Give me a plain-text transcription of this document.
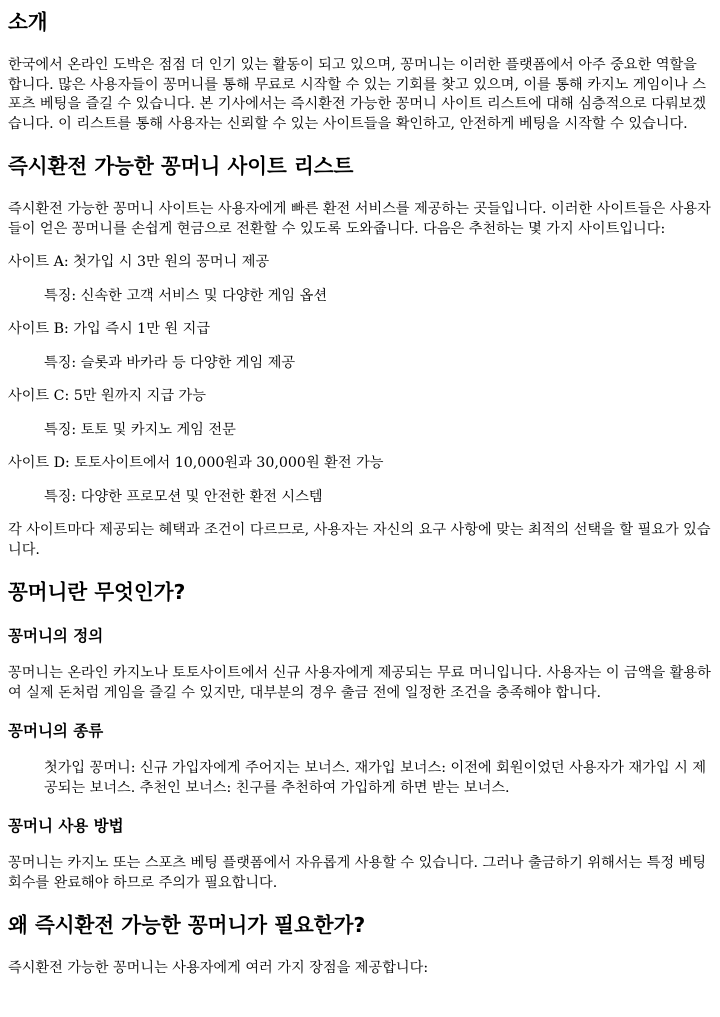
소개

한국에서 온라인 도박은 점점 더 인기 있는 활동이 되고 있으며, 꽁머니는 이러한 플랫폼에서 아주 중요한 역할을 합니다. 많은 사용자들이 꽁머니를 통해 무료로 시작할 수 있는 기회를 찾고 있으며, 이를 통해 카지노 게임이나 스포츠 베팅을 즐길 수 있습니다. 본 기사에서는 즉시환전 가능한 꽁머니 사이트 리스트에 대해 심층적으로 다뤄보겠습니다. 이 리스트를 통해 사용자는 신뢰할 수 있는 사이트들을 확인하고, 안전하게 베팅을 시작할 수 있습니다.

즉시환전 가능한 꽁머니 사이트 리스트

즉시환전 가능한 꽁머니 사이트는 사용자에게 빠른 환전 서비스를 제공하는 곳들입니다. 이러한 사이트들은 사용자들이 얻은 꽁머니를 손쉽게 현금으로 전환할 수 있도록 도와줍니다. 다음은 추천하는 몇 가지 사이트입니다:

사이트 A: 첫가입 시 3만 원의 꽁머니 제공

특징: 신속한 고객 서비스 및 다양한 게임 옵션

사이트 B: 가입 즉시 1만 원 지급

특징: 슬롯과 바카라 등 다양한 게임 제공

사이트 C: 5만 원까지 지급 가능

특징: 토토 및 카지노 게임 전문

사이트 D: 토토사이트에서 10,000원과 30,000원 환전 가능

특징: 다양한 프로모션 및 안전한 환전 시스템

각 사이트마다 제공되는 혜택과 조건이 다르므로, 사용자는 자신의 요구 사항에 맞는 최적의 선택을 할 필요가 있습니다.

꽁머니란 무엇인가?
꽁머니의 정의

꽁머니는 온라인 카지노나 토토사이트에서 신규 사용자에게 제공되는 무료 머니입니다. 사용자는 이 금액을 활용하여 실제 돈처럼 게임을 즐길 수 있지만, 대부분의 경우 출금 전에 일정한 조건을 충족해야 합니다.

꽁머니의 종류

첫가입 꽁머니: 신규 가입자에게 주어지는 보너스. 재가입 보너스: 이전에 회원이었던 사용자가 재가입 시 제공되는 보너스. 추천인 보너스: 친구를 추천하여 가입하게 하면 받는 보너스.

꽁머니 사용 방법

꽁머니는 카지노 또는 스포츠 베팅 플랫폼에서 자유롭게 사용할 수 있습니다. 그러나 출금하기 위해서는 특정 베팅 회수를 완료해야 하므로 주의가 필요합니다.

왜 즉시환전 가능한 꽁머니가 필요한가?

즉시환전 가능한 꽁머니는 사용자에게 여러 가지 장점을 제공합니다:
